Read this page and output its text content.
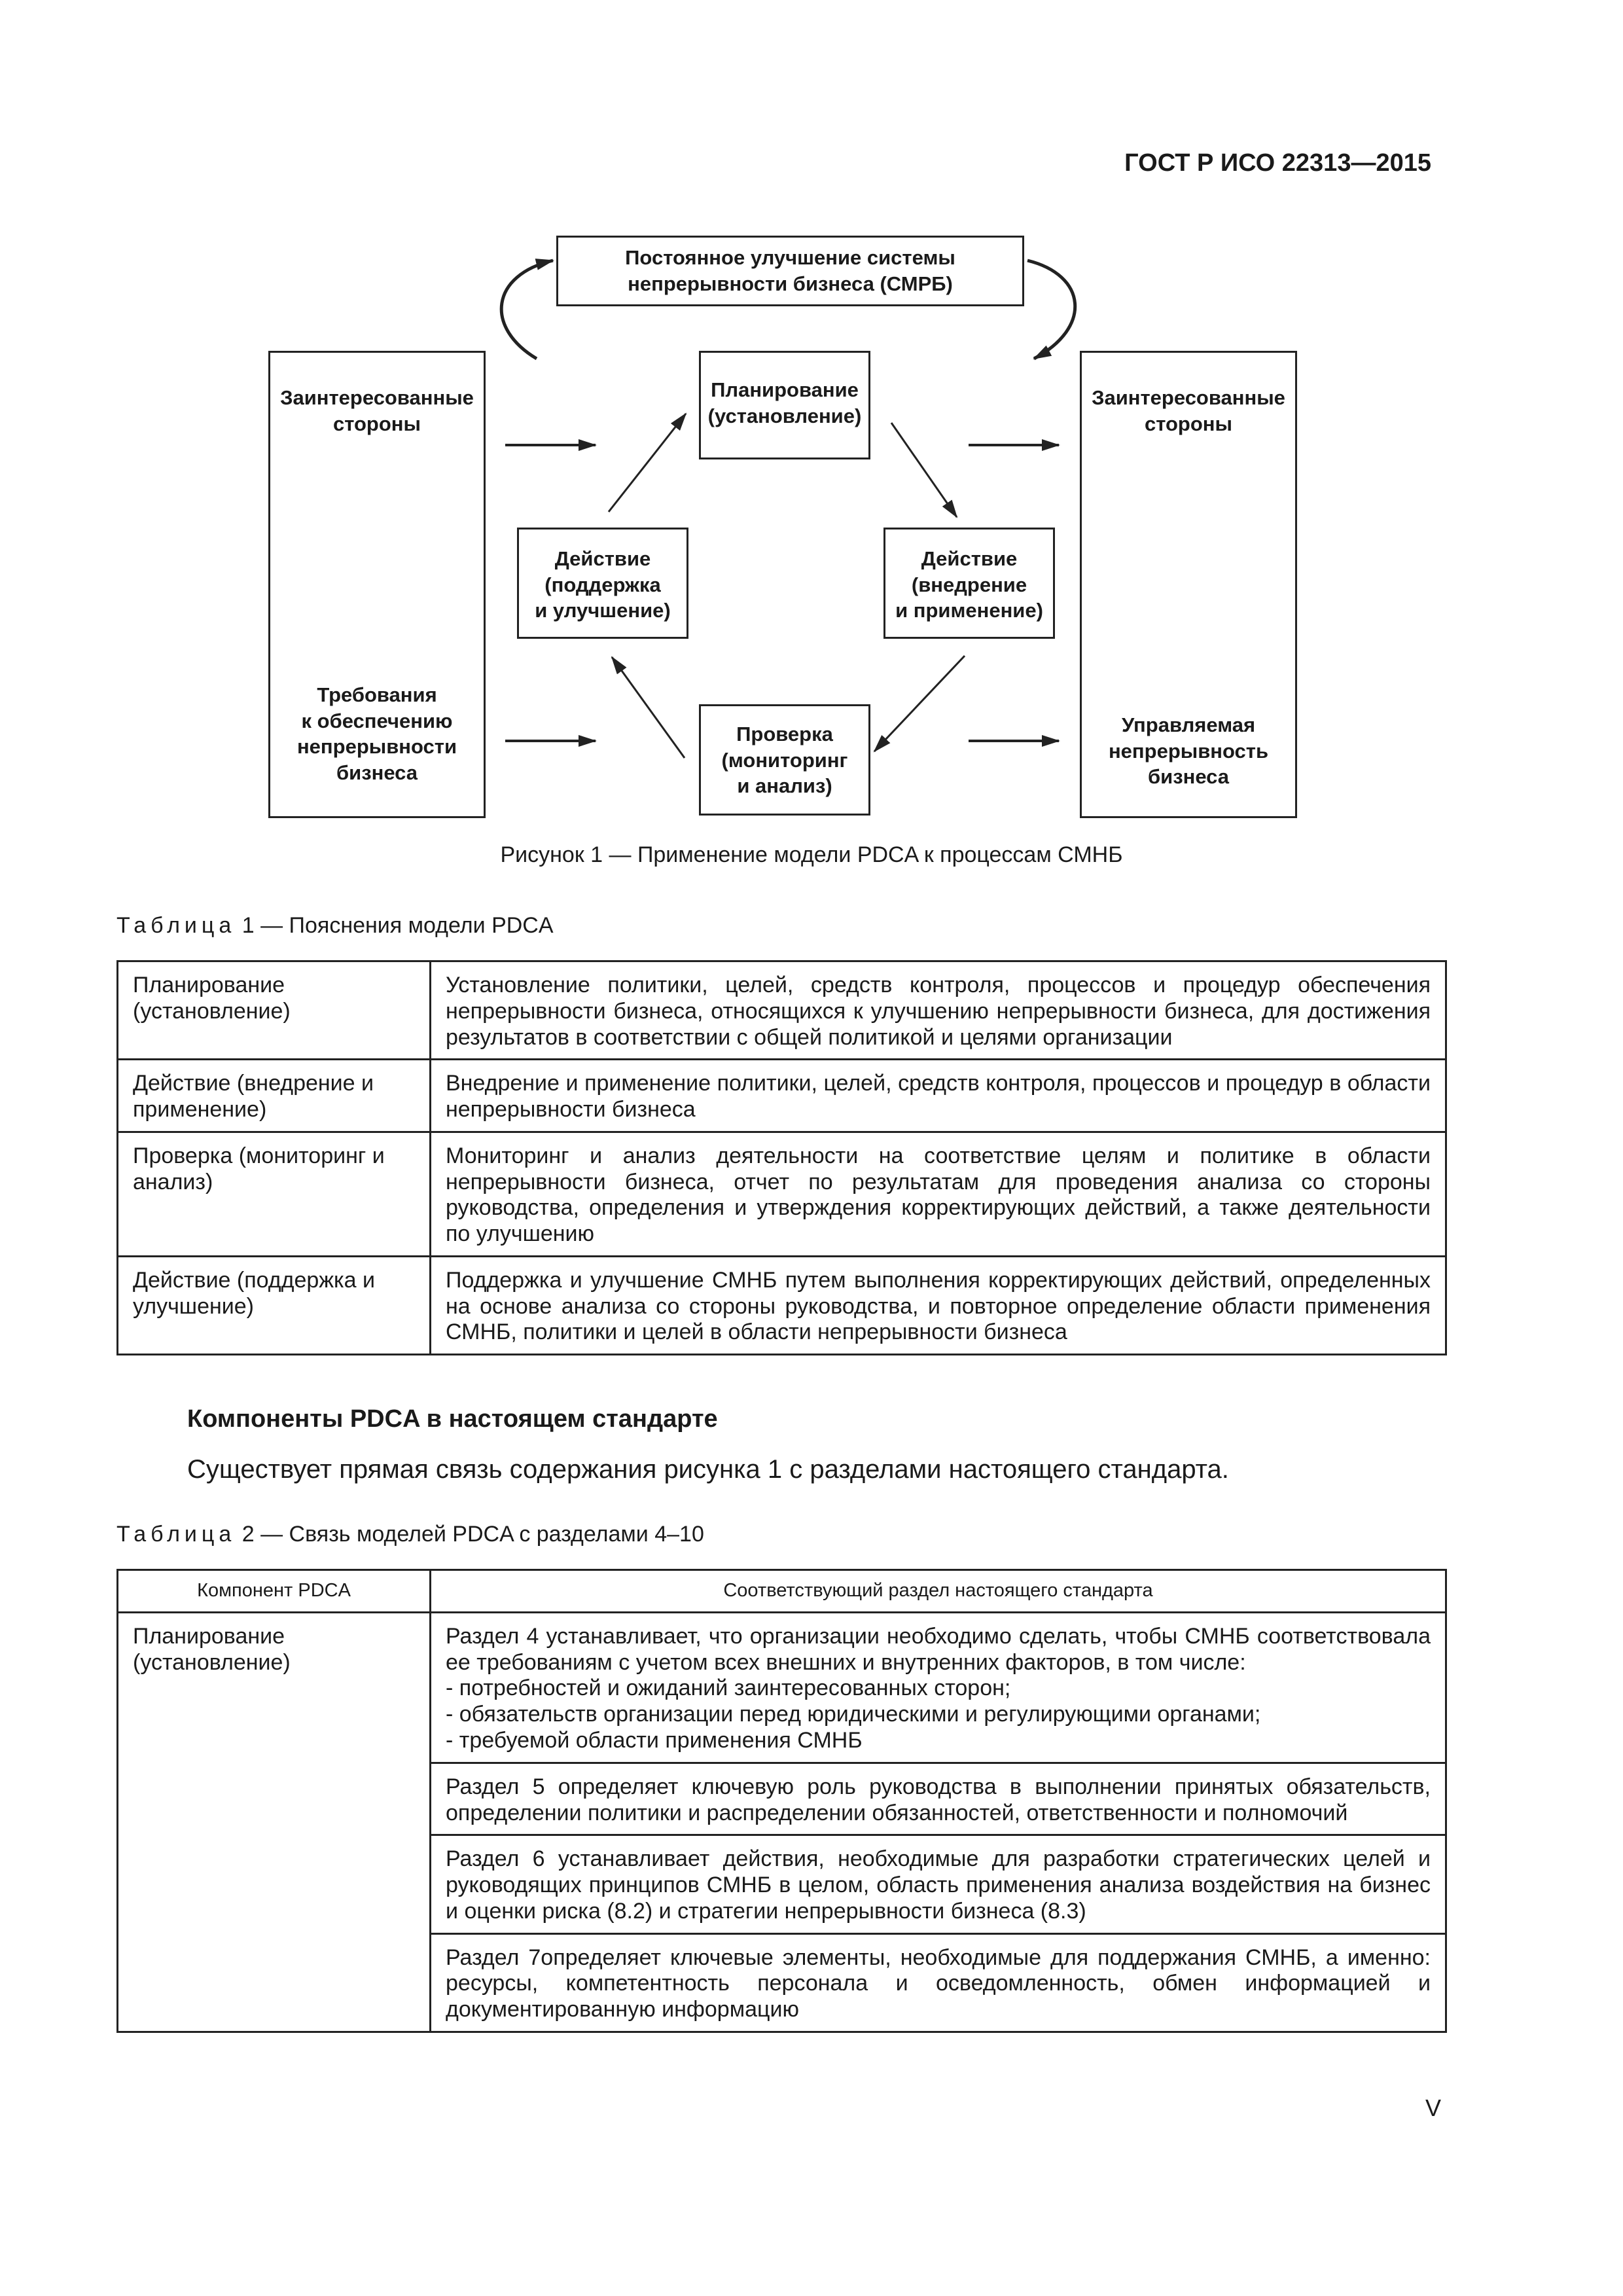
ГОСТ Р ИСО 22313—2015
Постоянное улучшение системы
непрерывности бизнеса (СМРБ)
Заинтересованные
стороны
Требования
к обеспечению
непрерывности
бизнеса
Заинтересованные
стороны
Управляемая
непрерывность
бизнеса
Планирование
(установление)
Действие
(внедрение
и применение)
Действие
(поддержка
и улучшение)
Проверка
(мониторинг
и анализ)
Рисунок 1 — Применение модели PDCA к процессам СМНБ
Таблица 1 — Пояснения модели PDCA
Планирование (установление)	Установление политики, целей, средств контроля, процессов и процедур обеспечения непрерывности бизнеса, относящихся к улучшению непрерывности бизнеса, для достижения результатов в соответствии с общей политикой и целями организации
Действие (внедрение и применение)	Внедрение и применение политики, целей, средств контроля, процессов и процедур в области непрерывности бизнеса
Проверка (мониторинг и анализ)	Мониторинг и анализ деятельности на соответствие целям и политике в области непрерывности бизнеса, отчет по результатам для проведения анализа со стороны руководства, определения и утверждения корректирующих действий, а также деятельности по улучшению
Действие (поддержка и улучшение)	Поддержка и улучшение СМНБ путем выполнения корректирующих действий, определенных на основе анализа со стороны руководства, и повторное определение области применения СМНБ, политики и целей в области непрерывности бизнеса
Компоненты PDCA в настоящем стандарте
Существует прямая связь содержания рисунка 1 с разделами настоящего стандарта.
Таблица 2 — Связь моделей PDCA с разделами 4–10
Компонент PDCA	Соответствующий раздел настоящего стандарта
Планирование (установление)	Раздел 4 устанавливает, что организации необходимо сделать, чтобы СМНБ соответствовала ее требованиям с учетом всех внешних и внутренних факторов, в том числе:
- потребностей и ожиданий заинтересованных сторон;
- обязательств организации перед юридическими и регулирующими органами;
- требуемой области применения СМНБ

	Раздел 5 определяет ключевую роль руководства в выполнении принятых обязательств, определении политики и распределении обязанностей, ответственности и полномочий
	Раздел 6 устанавливает действия, необходимые для разработки стратегических целей и руководящих принципов СМНБ в целом, область применения анализа воздействия на бизнес и оценки риска (8.2) и стратегии непрерывности бизнеса (8.3)
	Раздел 7определяет ключевые элементы, необходимые для поддержания СМНБ, а именно: ресурсы, компетентность персонала и осведомленность, обмен информацией и документированную информацию
V
